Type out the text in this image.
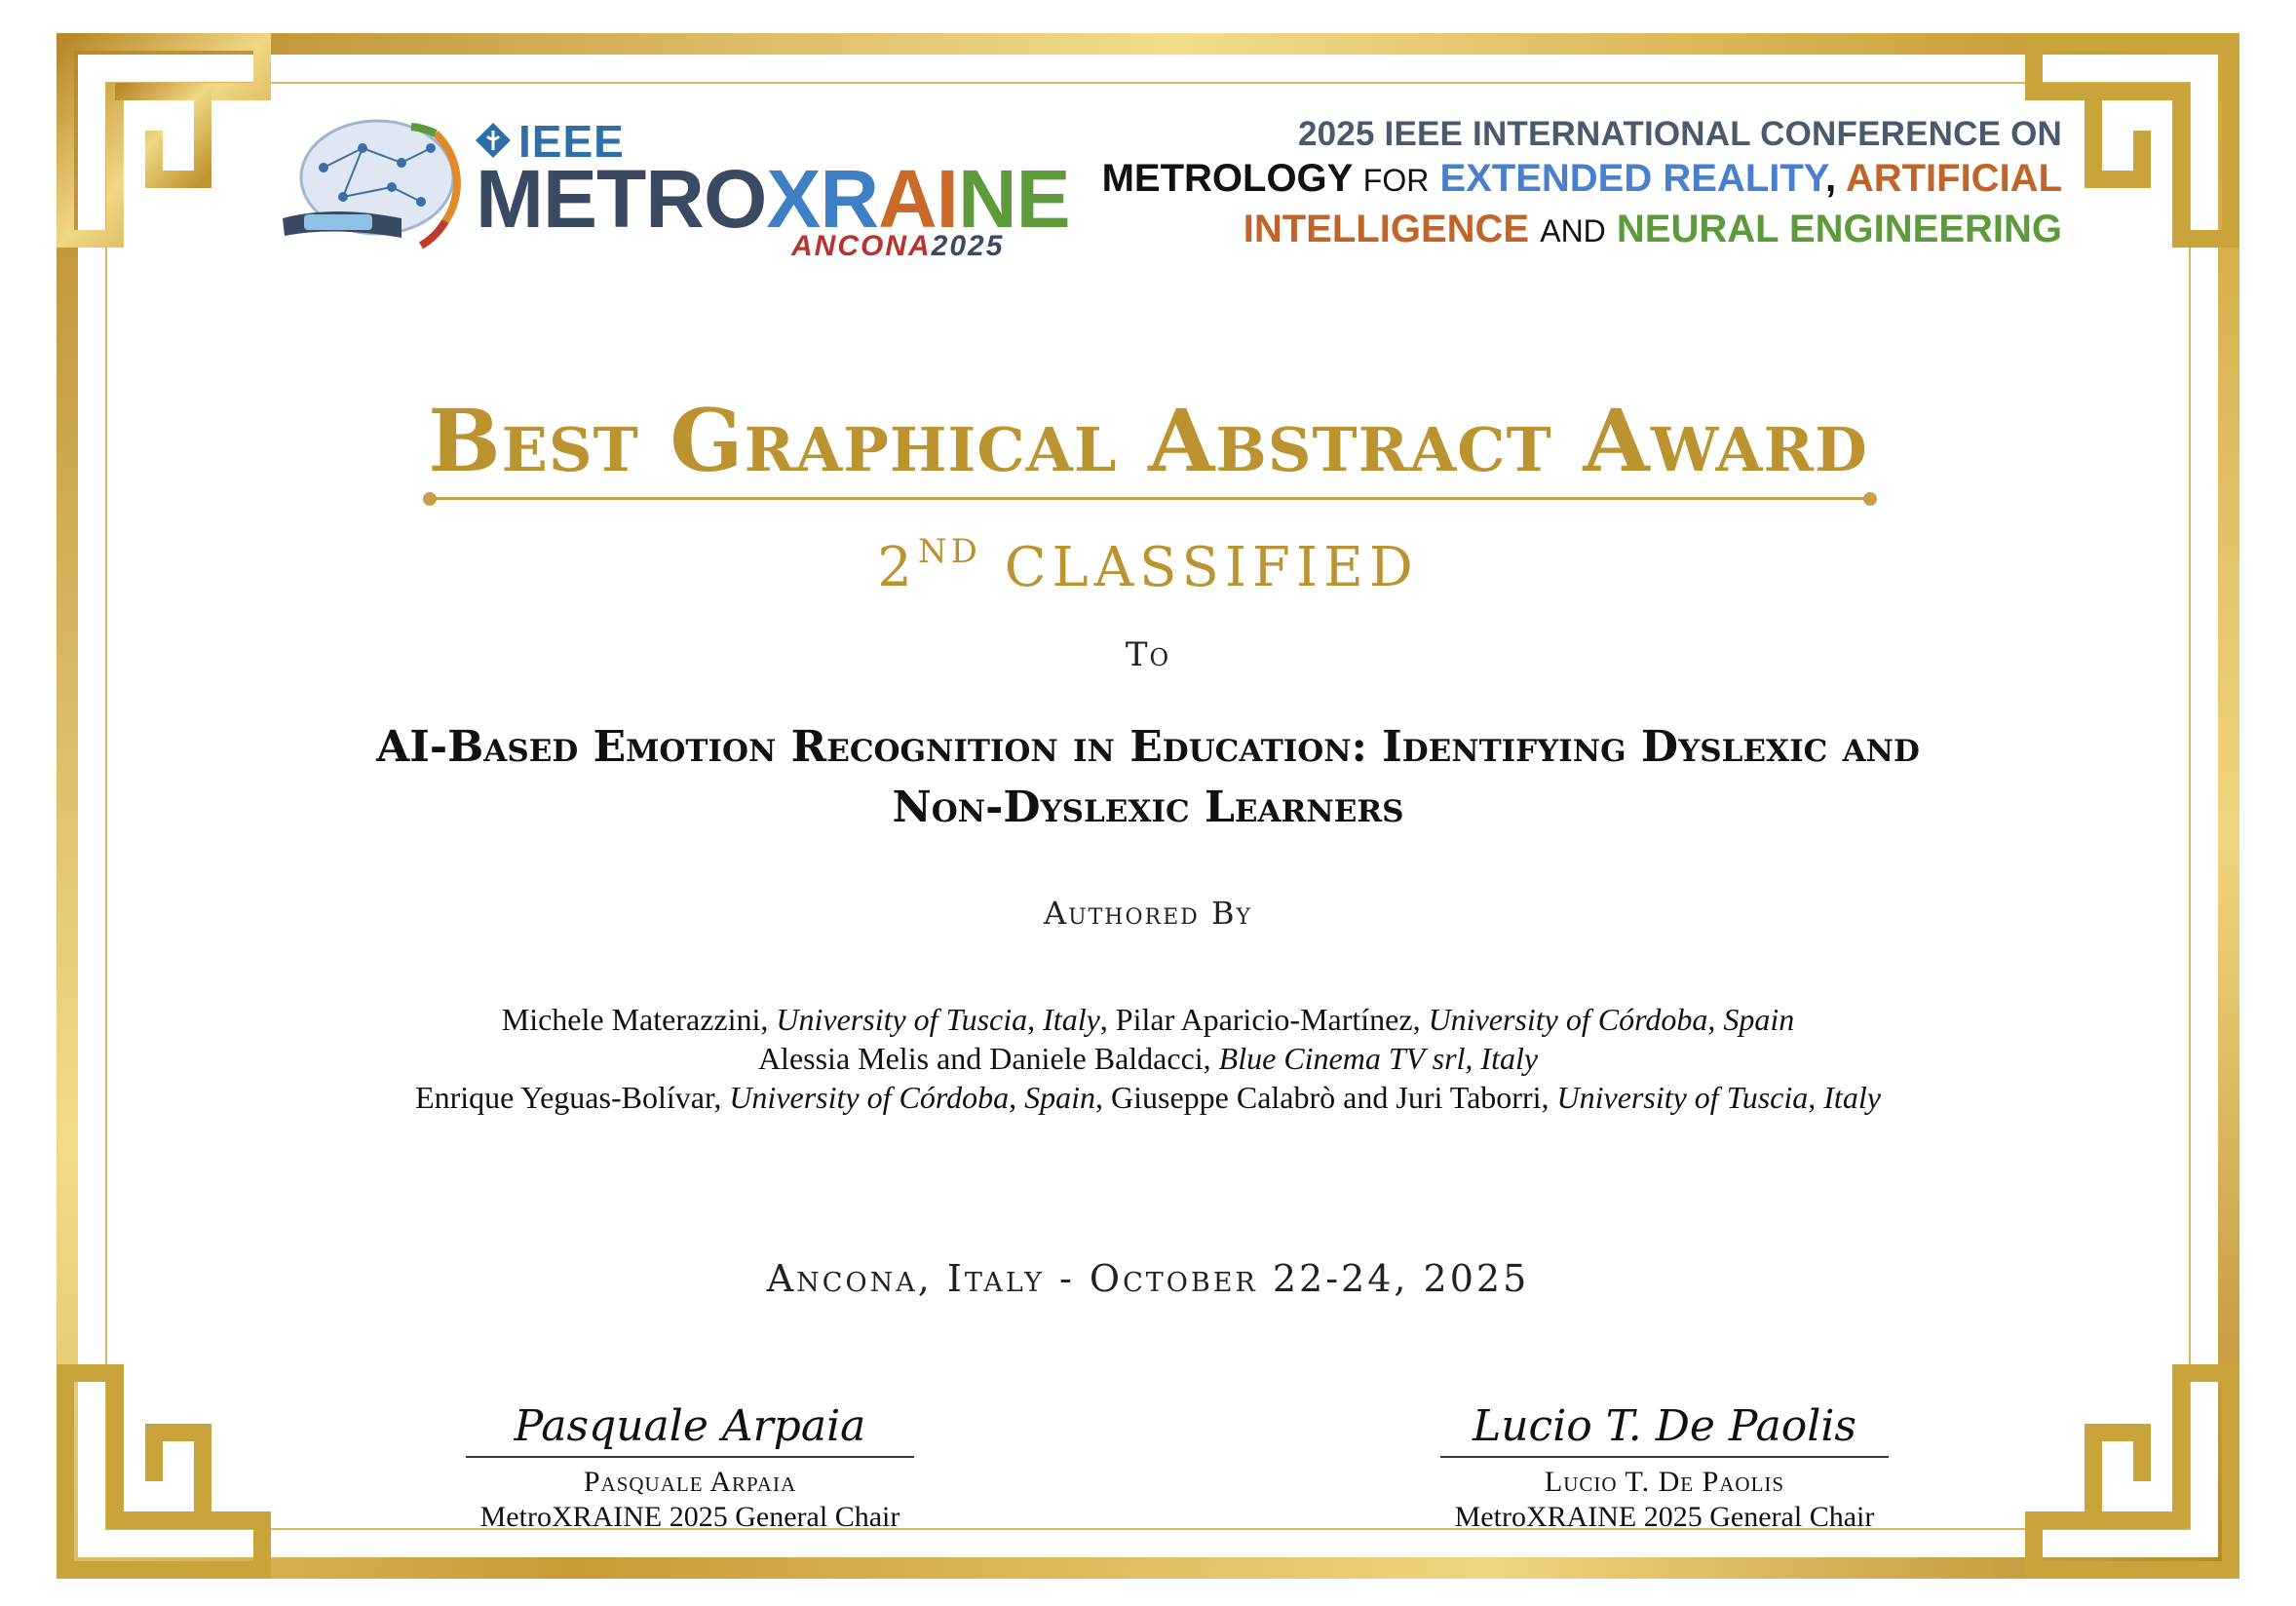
IEEE
METROXRAINE
ANCONA2025
2025 IEEE INTERNATIONAL CONFERENCE ON
METROLOGY FOR EXTENDED REALITY, ARTIFICIAL
INTELLIGENCE AND NEURAL ENGINEERING
Best Graphical Abstract Award
2ND CLASSIFIED
To
AI-Based Emotion Recognition in Education: Identifying Dyslexic and
Non-Dyslexic Learners
Authored By
Michele Materazzini, University of Tuscia, Italy, Pilar Aparicio-Martínez, University of Córdoba, Spain
Alessia Melis and Daniele Baldacci, Blue Cinema TV srl, Italy
Enrique Yeguas-Bolívar, University of Córdoba, Spain, Giuseppe Calabrò and Juri Taborri, University of Tuscia, Italy
Ancona, Italy - October 22-24, 2025
Pasquale Arpaia
Pasquale Arpaia
MetroXRAINE 2025 General Chair
Lucio T. De Paolis
Lucio T. De Paolis
MetroXRAINE 2025 General Chair
